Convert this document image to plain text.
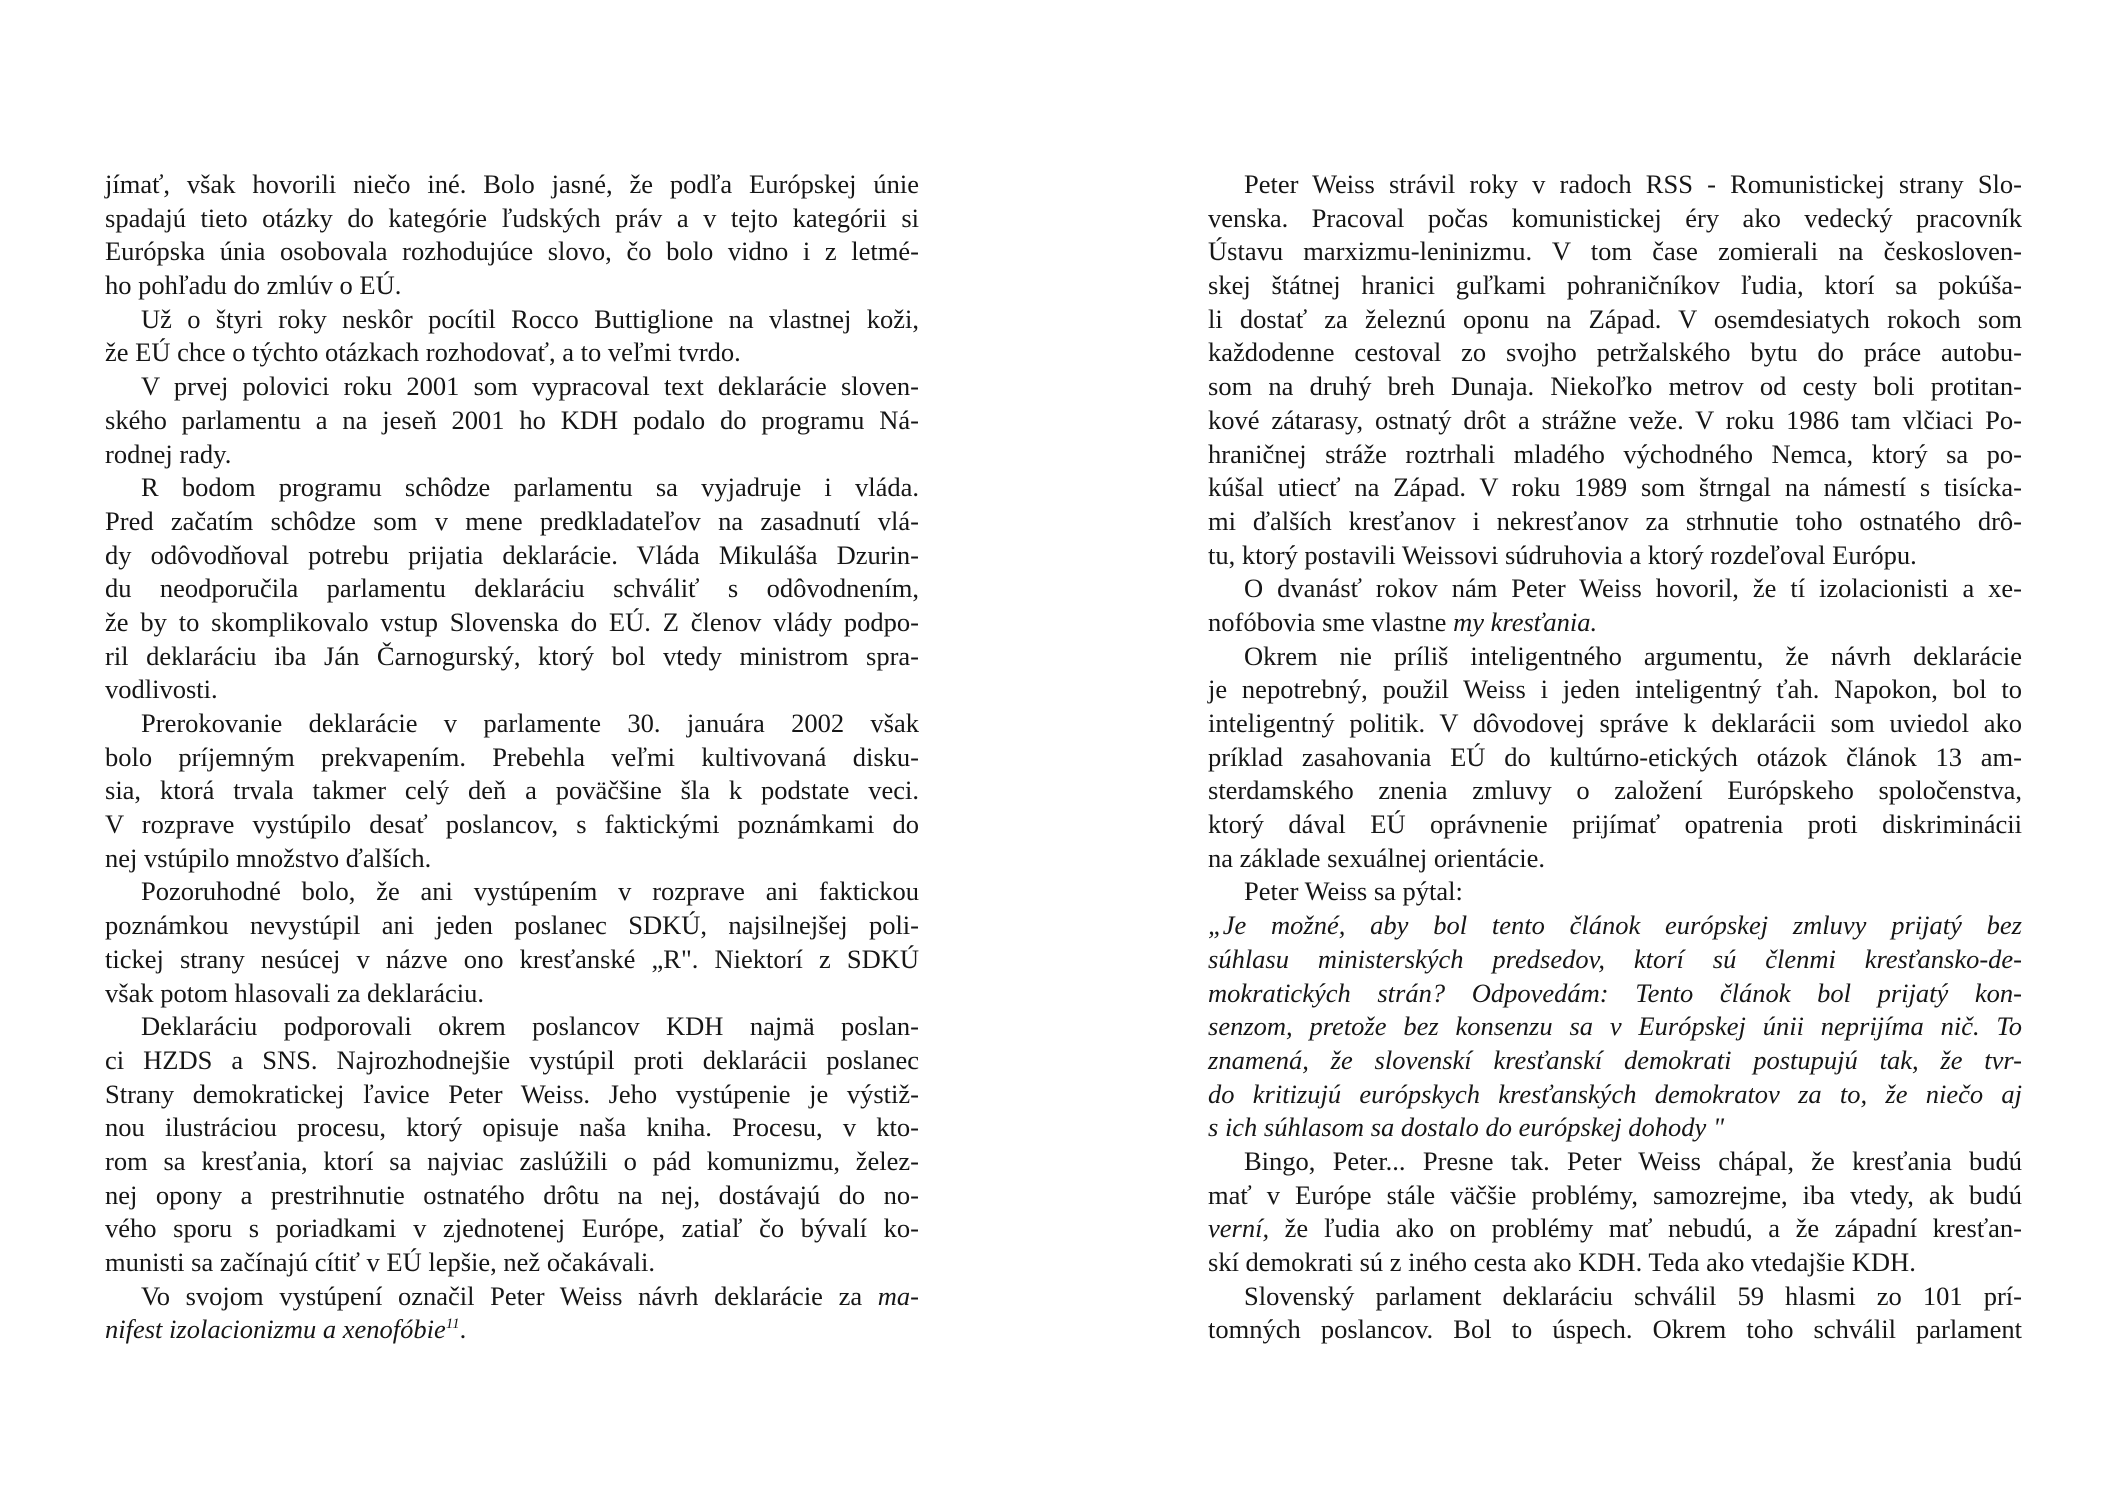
jímať, však hovorili niečo iné. Bolo jasné, že podľa Európskej únie
spadajú tieto otázky do kategórie ľudských práv a v tejto kategórii si
Európska únia osobovala rozhodujúce slovo, čo bolo vidno i z letmé-
ho pohľadu do zmlúv o EÚ.
Už o štyri roky neskôr pocítil Rocco Buttiglione na vlastnej koži,
že EÚ chce o týchto otázkach rozhodovať, a to veľmi tvrdo.
V prvej polovici roku 2001 som vypracoval text deklarácie sloven-
ského parlamentu a na jeseň 2001 ho KDH podalo do programu Ná-
rodnej rady.
R bodom programu schôdze parlamentu sa vyjadruje i vláda.
Pred začatím schôdze som v mene predkladateľov na zasadnutí vlá-
dy odôvodňoval potrebu prijatia deklarácie. Vláda Mikuláša Dzurin-
du neodporučila parlamentu deklaráciu schváliť s odôvodnením,
že by to skomplikovalo vstup Slovenska do EÚ. Z členov vlády podpo-
ril deklaráciu iba Ján Čarnogurský, ktorý bol vtedy ministrom spra-
vodlivosti.
Prerokovanie deklarácie v parlamente 30. januára 2002 však
bolo príjemným prekvapením. Prebehla veľmi kultivovaná disku-
sia, ktorá trvala takmer celý deň a poväčšine šla k podstate veci.
V rozprave vystúpilo desať poslancov, s faktickými poznámkami do
nej vstúpilo množstvo ďalších.
Pozoruhodné bolo, že ani vystúpením v rozprave ani faktickou
poznámkou nevystúpil ani jeden poslanec SDKÚ, najsilnejšej poli-
tickej strany nesúcej v názve ono kresťanské „R". Niektorí z SDKÚ
však potom hlasovali za deklaráciu.
Deklaráciu podporovali okrem poslancov KDH najmä poslan-
ci HZDS a SNS. Najrozhodnejšie vystúpil proti deklarácii poslanec
Strany demokratickej ľavice Peter Weiss. Jeho vystúpenie je výstiž-
nou ilustráciou procesu, ktorý opisuje naša kniha. Procesu, v kto-
rom sa kresťania, ktorí sa najviac zaslúžili o pád komunizmu, želez-
nej opony a prestrihnutie ostnatého drôtu na nej, dostávajú do no-
vého sporu s poriadkami v zjednotenej Európe, zatiaľ čo bývalí ko-
munisti sa začínajú cítiť v EÚ lepšie, než očakávali.
Vo svojom vystúpení označil Peter Weiss návrh deklarácie za ma-
nifest izolacionizmu a xenofóbie$^{11}$.
Peter Weiss strávil roky v radoch RSS - Romunistickej strany Slo-
venska. Pracoval počas komunistickej éry ako vedecký pracovník
Ústavu marxizmu-leninizmu. V tom čase zomierali na českosloven-
skej štátnej hranici guľkami pohraničníkov ľudia, ktorí sa pokúša-
li dostať za železnú oponu na Západ. V osemdesiatych rokoch som
každodenne cestoval zo svojho petržalského bytu do práce autobu-
som na druhý breh Dunaja. Niekoľko metrov od cesty boli protitan-
kové zátarasy, ostnatý drôt a strážne veže. V roku 1986 tam vlčiaci Po-
hraničnej stráže roztrhali mladého východného Nemca, ktorý sa po-
kúšal utiecť na Západ. V roku 1989 som štrngal na námestí s tisícka-
mi ďalších kresťanov i nekresťanov za strhnutie toho ostnatého drô-
tu, ktorý postavili Weissovi súdruhovia a ktorý rozdeľoval Európu.
O dvanásť rokov nám Peter Weiss hovoril, že tí izolacionisti a xe-
nofóbovia sme vlastne my kresťania.
Okrem nie príliš inteligentného argumentu, že návrh deklarácie
je nepotrebný, použil Weiss i jeden inteligentný ťah. Napokon, bol to
inteligentný politik. V dôvodovej správe k deklarácii som uviedol ako
príklad zasahovania EÚ do kultúrno-etických otázok článok 13 am-
sterdamského znenia zmluvy o založení Európskeho spoločenstva,
ktorý dával EÚ oprávnenie prijímať opatrenia proti diskriminácii
na základe sexuálnej orientácie.
Peter Weiss sa pýtal:
„Je možné, aby bol tento článok európskej zmluvy prijatý bez
súhlasu ministerských predsedov, ktorí sú členmi kresťansko-de-
mokratických strán? Odpovedám: Tento článok bol prijatý kon-
senzom, pretože bez konsenzu sa v Európskej únii neprijíma nič. To
znamená, že slovenskí kresťanskí demokrati postupujú tak, že tvr-
do kritizujú európskych kresťanských demokratov za to, že niečo aj
s ich súhlasom sa dostalo do európskej dohody "
Bingo, Peter... Presne tak. Peter Weiss chápal, že kresťania budú
mať v Európe stále väčšie problémy, samozrejme, iba vtedy, ak budú
verní, že ľudia ako on problémy mať nebudú, a že západní kresťan-
skí demokrati sú z iného cesta ako KDH. Teda ako vtedajšie KDH.
Slovenský parlament deklaráciu schválil 59 hlasmi zo 101 prí-
tomných poslancov. Bol to úspech. Okrem toho schválil parlament
